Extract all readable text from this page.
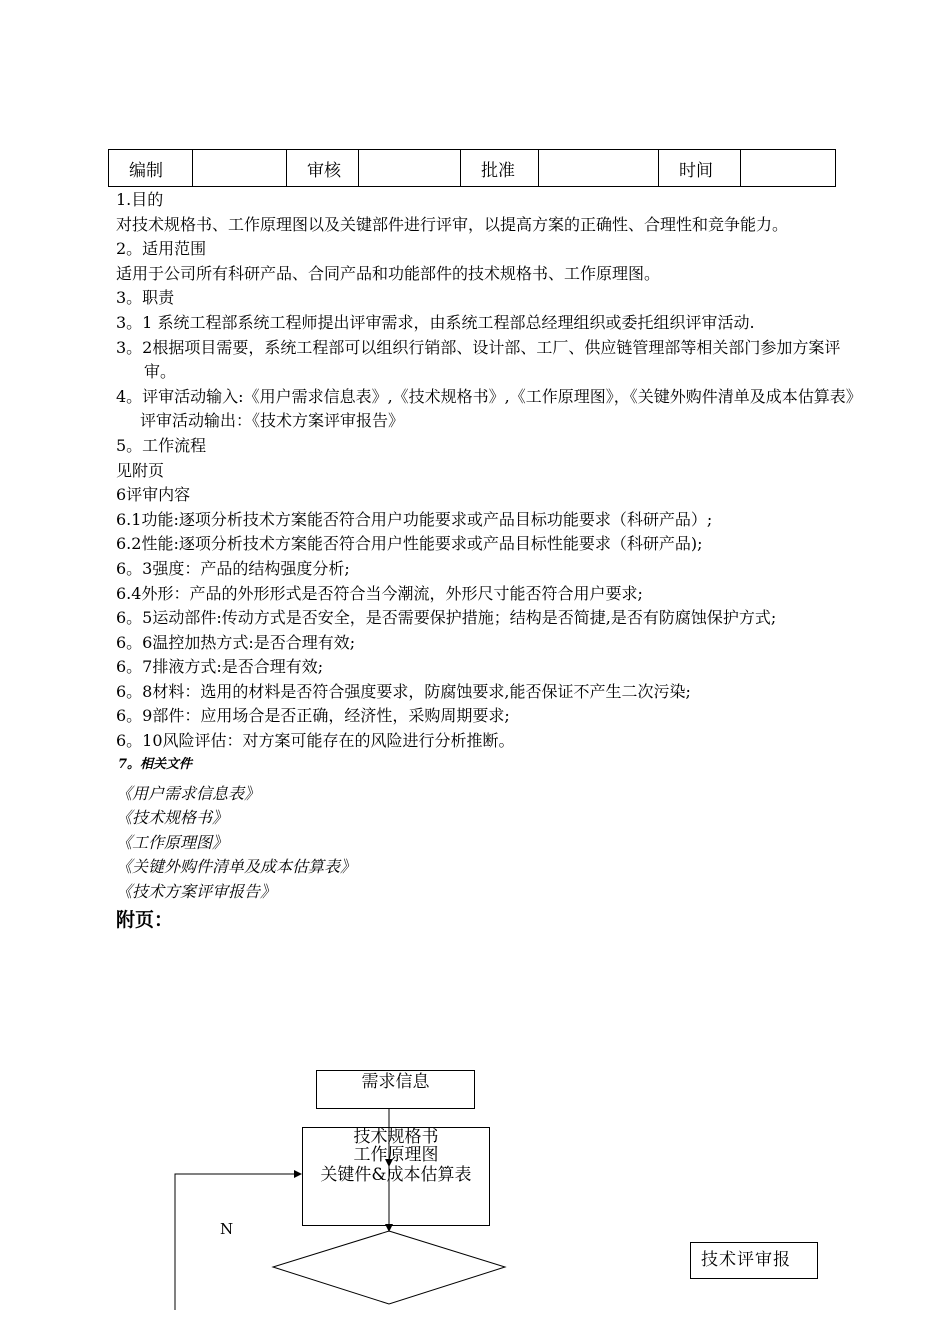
编制		审核		批准		时间	

1.目的

对技术规格书、工作原理图以及关键部件进行评审，以提高方案的正确性、合理性和竞争能力。

2。适用范围

适用于公司所有科研产品、合同产品和功能部件的技术规格书、工作原理图。

3。职责

3。1 系统工程部系统工程师提出评审需求，由系统工程部总经理组织或委托组织评审活动.

3。2根据项目需要，系统工程部可以组织行销部、设计部、工厂、供应链管理部等相关部门参加方案评审。

4。评审活动输入:《用户需求信息表》,《技术规格书》,《工作原理图》，《关键外购件清单及成本估算表》

评审活动输出：《技术方案评审报告》

5。工作流程

见附页

6评审内容

6.1功能:逐项分析技术方案能否符合用户功能要求或产品目标功能要求（科研产品）;

6.2性能:逐项分析技术方案能否符合用户性能要求或产品目标性能要求（科研产品);

6。3强度：产品的结构强度分析;

6.4外形：产品的外形形式是否符合当今潮流，外形尺寸能否符合用户要求;

6。5运动部件:传动方式是否安全，是否需要保护措施；结构是否简捷,是否有防腐蚀保护方式;

6。6温控加热方式:是否合理有效;

6。7排液方式:是否合理有效;

6。8材料：选用的材料是否符合强度要求，防腐蚀要求,能否保证不产生二次污染;

6。9部件：应用场合是否正确，经济性，采购周期要求;

6。10风险评估：对方案可能存在的风险进行分析推断。

7。相关文件

《用户需求信息表》

《技术规格书》

《工作原理图》

《关键外购件清单及成本估算表》

《技术方案评审报告》

附页：

需求信息
技术规格书
工作原理图
关键件&成本估算表
N
技术评审报
